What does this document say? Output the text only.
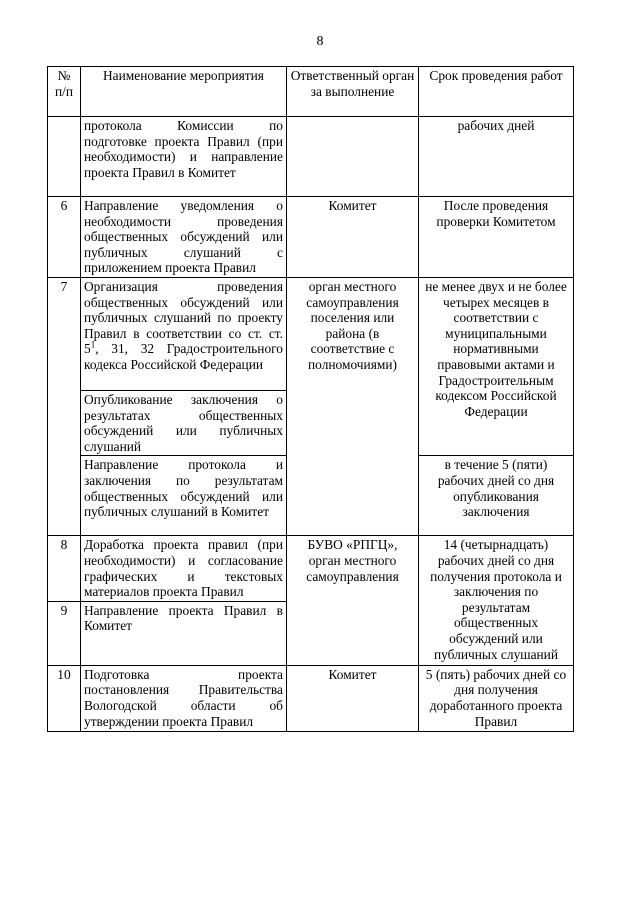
8
№ п/п	Наименование мероприятия	Ответственный орган за выполнение	Срок проведения работ
	протокола Комиссии по подготовке проекта Правил (при необходимости) и направление проекта Правил в Комитет		рабочих дней
6	Направление уведомления о необходимости проведения общественных обсуждений или публичных слушаний с приложением проекта Правил	Комитет	После проведения проверки Комитетом
7	Организация проведения общественных обсуждений или публичных слушаний по проекту Правил в соответствии со ст. ст. $5^1$, 31, 32 Градостроительного кодекса Российской Федерации	орган местного самоуправления поселения или района (в соответствие с полномочиями)	не менее двух и не более четырех месяцев в соответствии с муниципальными нормативными правовыми актами и Градостроительным кодексом Российской Федерации
	Опубликование заключения о результатах общественных обсуждений или публичных слушаний		
	Направление протокола и заключения по результатам общественных обсуждений или публичных слушаний в Комитет		в течение 5 (пяти) рабочих дней со дня опубликования заключения
8	Доработка проекта правил (при необходимости) и согласование графических и текстовых материалов проекта Правил	БУВО «РПГЦ», орган местного самоуправления	14 (четырнадцать) рабочих дней со дня получения протокола и заключения по результатам общественных обсуждений или публичных слушаний
9	Направление проекта Правил в Комитет		
10	Подготовка проекта постановления Правительства Вологодской области об утверждении проекта Правил	Комитет	5 (пять) рабочих дней со дня получения доработанного проекта Правил
